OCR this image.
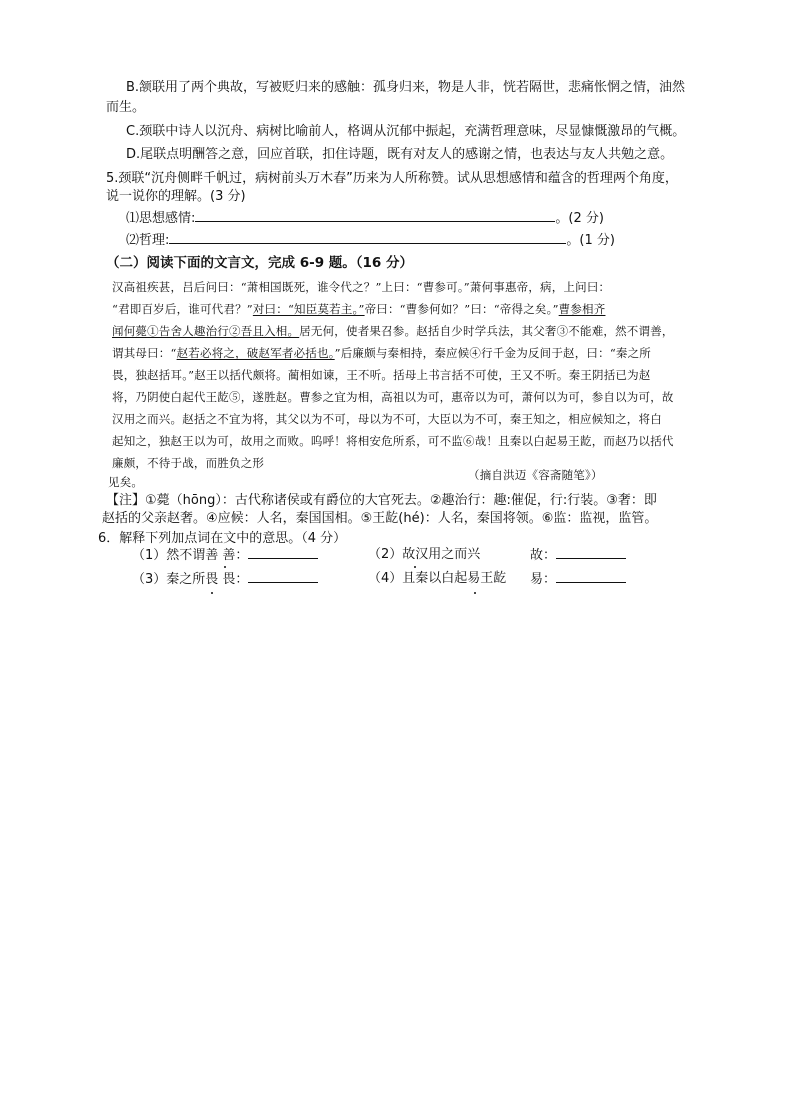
B.颔联用了两个典故，写被贬归来的感触：孤身归来，物是人非，恍若隔世，悲痛怅惘之情，油然
而生。
C.颈联中诗人以沉舟、病树比喻前人，格调从沉郁中振起，充满哲理意味，尽显慷慨激昂的气概。
D.尾联点明酬答之意，回应首联，扣住诗题，既有对友人的感谢之情，也表达与友人共勉之意。
5.颈联“沉舟侧畔千帆过，病树前头万木春”历来为人所称赞。试从思想感情和蕴含的哲理两个角度，
说一说你的理解。(3 分)
⑴思想感情:	。(2 分)
⑵哲理:	。(1 分)
（二）阅读下面的文言文，完成 6-9 题。（16 分）
汉高祖疾甚，吕后问曰：“萧相国既死，谁令代之？”上曰：“曹参可。”萧何事惠帝，病，上问曰：
“君即百岁后，谁可代君？”对曰：“知臣莫若主。”帝曰：“曹参何如？”曰：“帝得之矣。”曹参相齐
闻何薨①告舍人趣治行②吾且入相。居无何，使者果召参。赵括自少时学兵法，其父奢③不能难，然不谓善，
谓其母曰：“赵若必将之，破赵军者必括也。”后廉颇与秦相持，秦应候④行千金为反间于赵，曰：“秦之所
畏，独赵括耳。”赵王以括代颇将。蔺相如谏，王不听。括母上书言括不可使，王又不听。秦王阴括已为赵
将，乃阴使白起代王龁⑤，遂胜赵。曹参之宜为相，高祖以为可，惠帝以为可，萧何以为可，参自以为可，故
汉用之而兴。赵括之不宜为将，其父以为不可，母以为不可，大臣以为不可，秦王知之，相应候知之，将白
起知之，独赵王以为可，故用之而败。呜呼！将相安危所系，可不监⑥哉！且秦以白起易王龁，而赵乃以括代
廉颇，不待于战，而胜负之形
见矣。	（摘自洪迈《容斋随笔》）
【注】①薨（hōng）：古代称诸侯或有爵位的大官死去。②趣治行：趣:催促，行:行装。③奢：即
赵括的父亲赵奢。④应候：人名，秦国国相。⑤王龁(hé)：人名，秦国将领。⑥监：监视，监管。
6．解释下列加点词在文中的意思。（4 分）
（1）然不谓善 善：	（2）故汉用之而兴	故：
（3）秦之所畏 畏：	（4）且秦以白起易王龁 易：
